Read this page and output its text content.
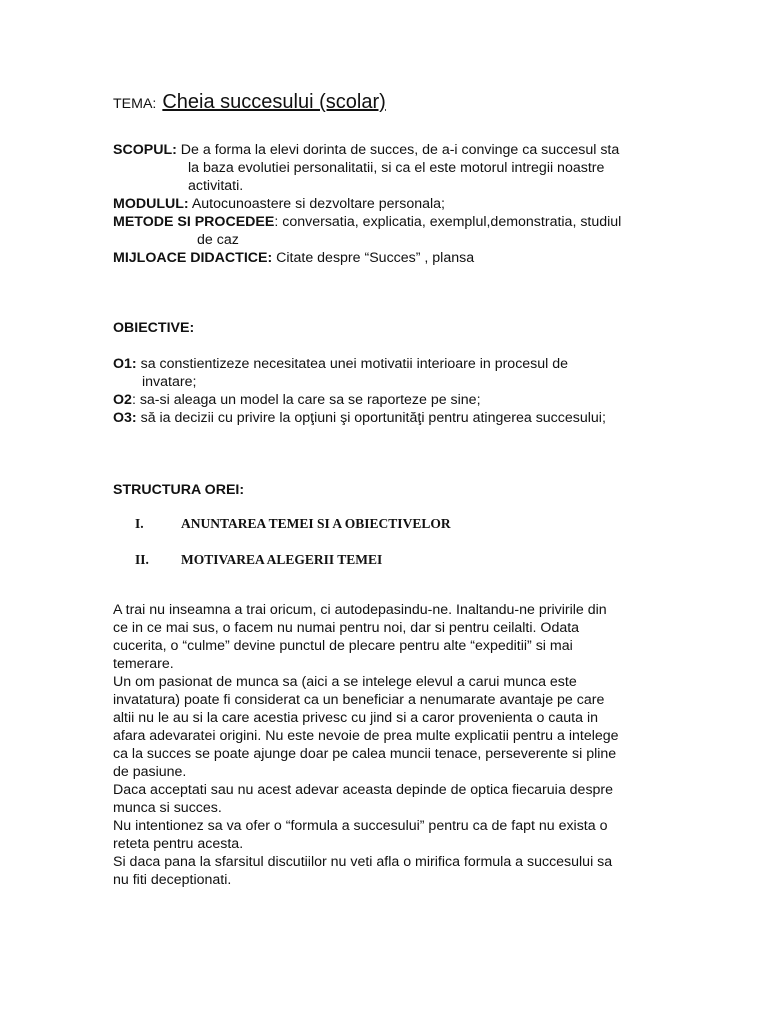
TEMA: Cheia succesului (scolar)
SCOPUL: De a forma la elevi dorinta de succes, de a-i convinge ca succesul sta
la baza evolutiei personalitatii, si ca el este motorul intregii noastre
activitati.
MODULUL: Autocunoastere si dezvoltare personala;
METODE SI PROCEDEE: conversatia, explicatia, exemplul,demonstratia, studiul
de caz
MIJLOACE DIDACTICE: Citate despre “Succes” , plansa
OBIECTIVE:
O1: sa constientizeze necesitatea unei motivatii interioare in procesul de
invatare;
O2: sa-si aleaga un model la care sa se raporteze pe sine;
O3: să ia decizii cu privire la opţiuni şi oportunităţi pentru atingerea succesului;
STRUCTURA OREI:
I.	ANUNTAREA TEMEI SI A OBIECTIVELOR
II. MOTIVAREA ALEGERII TEMEI
A trai nu inseamna a trai oricum, ci autodepasindu-ne. Inaltandu-ne privirile din
ce in ce mai sus, o facem nu numai pentru noi, dar si pentru ceilalti. Odata
cucerita, o “culme” devine punctul de plecare pentru alte “expeditii” si mai
temerare.
Un om pasionat de munca sa (aici a se intelege elevul a carui munca este
invatatura) poate fi considerat ca un beneficiar a nenumarate avantaje pe care
altii nu le au si la care acestia privesc cu jind si a caror provenienta o cauta in
afara adevaratei origini. Nu este nevoie de prea multe explicatii pentru a intelege
ca la succes se poate ajunge doar pe calea muncii tenace, perseverente si pline
de pasiune.
Daca acceptati sau nu acest adevar aceasta depinde de optica fiecaruia despre
munca si succes.
Nu intentionez sa va ofer o “formula a succesului” pentru ca de fapt nu exista o
reteta pentru acesta.
Si daca pana la sfarsitul discutiilor nu veti afla o mirifica formula a succesului sa
nu fiti deceptionati.
